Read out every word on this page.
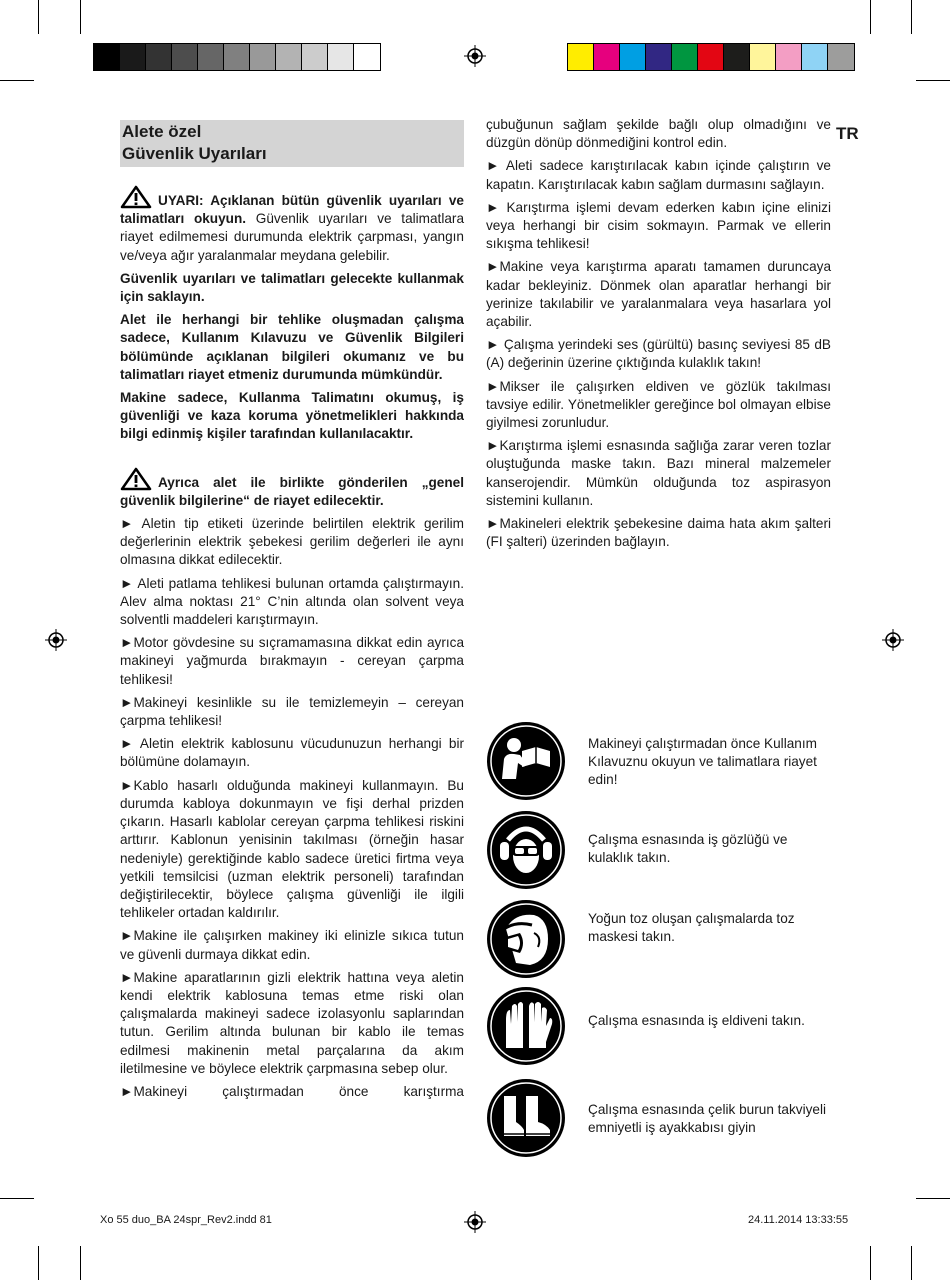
TR
Alete özel
Güvenlik Uyarıları

UYARI: Açıklanan bütün güvenlik uyarıları ve talimatları okuyun. Güvenlik uyarıları ve talimatlara riayet edilmemesi durumunda elektrik çarpması, yangın ve/veya ağır yaralanmalar meydana gelebilir.

Güvenlik uyarıları ve talimatları gelecekte kullanmak için saklayın.

Alet ile herhangi bir tehlike oluşmadan çalışma sadece, Kullanım Kılavuzu ve Güvenlik Bilgileri bölümünde açıklanan bilgileri okumanız ve bu talimatları riayet etmeniz durumunda mümkündür.

Makine sadece, Kullanma Talimatını okumuş, iş güvenliği ve kaza koruma yönetmelikleri hakkında bilgi edinmiş kişiler tarafından kullanılacaktır.

Ayrıca alet ile birlikte gönderilen „genel güvenlik bilgilerine“ de riayet edilecektir.

► Aletin tip etiketi üzerinde belirtilen elektrik gerilim değerlerinin elektrik şebekesi gerilim değerleri ile aynı olmasına dikkat edilecektir.

► Aleti patlama tehlikesi bulunan ortamda çalıştırmayın. Alev alma noktası 21° C’nin altında olan solvent veya solventli maddeleri karıştırmayın.

►Motor gövdesine su sıçramamasına dikkat edin ayrıca makineyi yağmurda bırakmayın - cereyan çarpma tehlikesi!

►Makineyi kesinlikle su ile temizlemeyin – cereyan çarpma tehlikesi!

► Aletin elektrik kablosunu vücudunuzun herhangi bir bölümüne dolamayın.

►Kablo hasarlı olduğunda makineyi kullanmayın. Bu durumda kabloya dokunmayın ve fişi derhal prizden çıkarın. Hasarlı kablolar cereyan çarpma tehlikesi riskini arttırır. Kablonun yenisinin takılması (örneğin hasar nedeniyle) gerektiğinde kablo sadece üretici firtma veya yetkili temsilcisi (uzman elektrik personeli) tarafından değiştirilecektir, böylece çalışma güvenliği ile ilgili tehlikeler ortadan kaldırılır.

►Makine ile çalışırken makiney iki elinizle sıkıca tutun ve güvenli durmaya dikkat edin.

►Makine aparatlarının gizli elektrik hattına veya aletin kendi elektrik kablosuna temas etme riski olan çalışmalarda makineyi sadece izolasyonlu saplarından tutun. Gerilim altında bulunan bir kablo ile temas edilmesi makinenin metal parçalarına da akım iletilmesine ve böylece elektrik çarpmasına sebep olur.

►Makineyi çalıştırmadan önce karıştırma

çubuğunun sağlam şekilde bağlı olup olmadığını ve düzgün dönüp dönmediğini kontrol edin.

► Aleti sadece karıştırılacak kabın içinde çalıştırın ve kapatın. Karıştırılacak kabın sağlam durmasını sağlayın.

► Karıştırma işlemi devam ederken kabın içine elinizi veya herhangi bir cisim sokmayın. Parmak ve ellerin sıkışma tehlikesi!

►Makine veya karıştırma aparatı tamamen duruncaya kadar bekleyiniz. Dönmek olan aparatlar herhangi bir yerinize takılabilir ve yaralanmalara veya hasarlara yol açabilir.

► Çalışma yerindeki ses (gürültü) basınç seviyesi 85 dB (A) değerinin üzerine çıktığında kulaklık takın!

►Mikser ile çalışırken eldiven ve gözlük takılması tavsiye edilir. Yönetmelikler gereğince bol olmayan elbise giyilmesi zorunludur.

►Karıştırma işlemi esnasında sağlığa zarar veren tozlar oluştuğunda maske takın. Bazı mineral malzemeler kanserojendir. Mümkün olduğunda toz aspirasyon sistemini kullanın.

►Makineleri elektrik şebekesine daima hata akım şalteri (FI şalteri) üzerinden bağlayın.

Makineyi çalıştırmadan önce Kullanım Kılavuznu okuyun ve talimatlara riayet edin!
Çalışma esnasında iş gözlüğü ve kulaklık takın.
Yoğun toz oluşan çalışmalarda toz maskesi takın.
Çalışma esnasında iş eldiveni takın.
Çalışma esnasında çelik burun takviyeli emniyetli iş ayakkabısı giyin
Xo 55 duo_BA 24spr_Rev2.indd 81	24.11.2014 13:33:55
